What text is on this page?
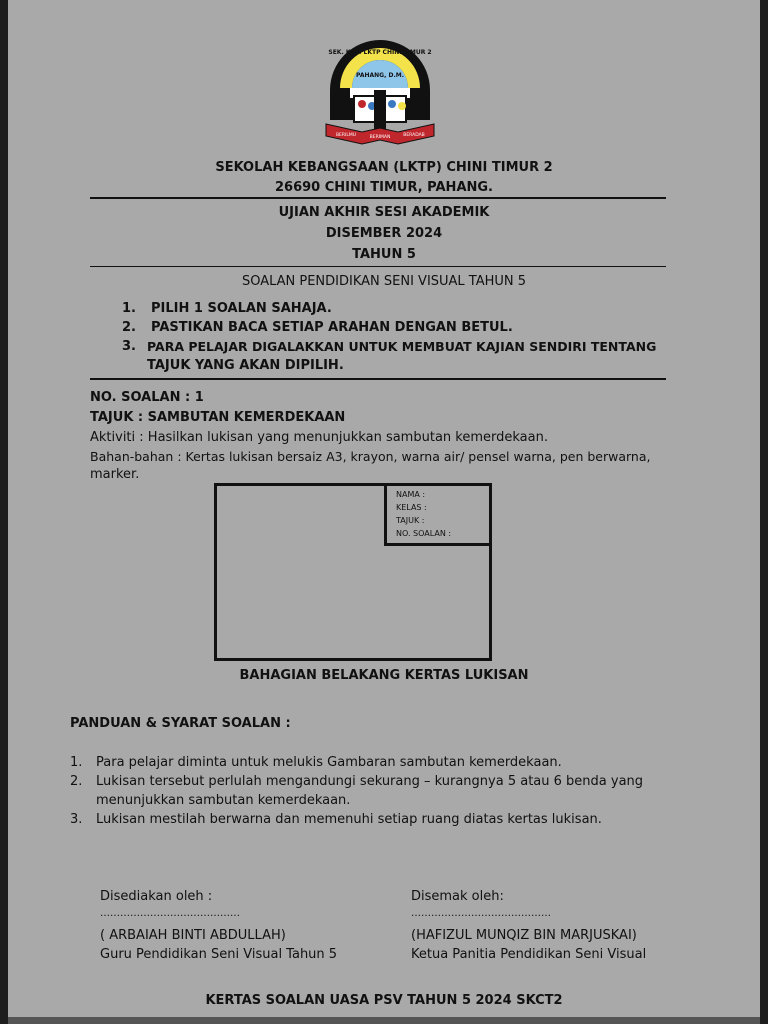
SEK. KEB. LKTP CHINI TIMUR 2
PAHANG, D.M.
BERILMU	BERIMAN	BERADAB
SEKOLAH KEBANGSAAN (LKTP) CHINI TIMUR 2
26690 CHINI TIMUR, PAHANG.
UJIAN AKHIR SESI AKADEMIK
DISEMBER 2024
TAHUN 5
SOALAN PENDIDIKAN SENI VISUAL TAHUN 5
1. PILIH 1 SOALAN SAHAJA.
2. PASTIKAN BACA SETIAP ARAHAN DENGAN BETUL.
3. PARA PELAJAR DIGALAKKAN UNTUK MEMBUAT KAJIAN SENDIRI TENTANG
TAJUK YANG AKAN DIPILIH.
NO. SOALAN : 1
TAJUK : SAMBUTAN KEMERDEKAAN
Aktiviti : Hasilkan lukisan yang menunjukkan sambutan kemerdekaan.
Bahan-bahan : Kertas lukisan bersaiz A3, krayon, warna air/ pensel warna, pen berwarna,
marker.
NAMA :
KELAS :
TAJUK :
NO. SOALAN :
BAHAGIAN BELAKANG KERTAS LUKISAN
PANDUAN & SYARAT SOALAN :
1. Para pelajar diminta untuk melukis Gambaran sambutan kemerdekaan.
2. Lukisan tersebut perlulah mengandungi sekurang – kurangnya 5 atau 6 benda yang
menunjukkan sambutan kemerdekaan.
3. Lukisan mestilah berwarna dan memenuhi setiap ruang diatas kertas lukisan.
Disediakan oleh :
……………………………………
( ARBAIAH BINTI ABDULLAH)
Guru Pendidikan Seni Visual Tahun 5
Disemak oleh:
……………………………………
(HAFIZUL MUNQIZ BIN MARJUSKAI)
Ketua Panitia Pendidikan Seni Visual
KERTAS SOALAN UASA PSV TAHUN 5 2024 SKCT2
